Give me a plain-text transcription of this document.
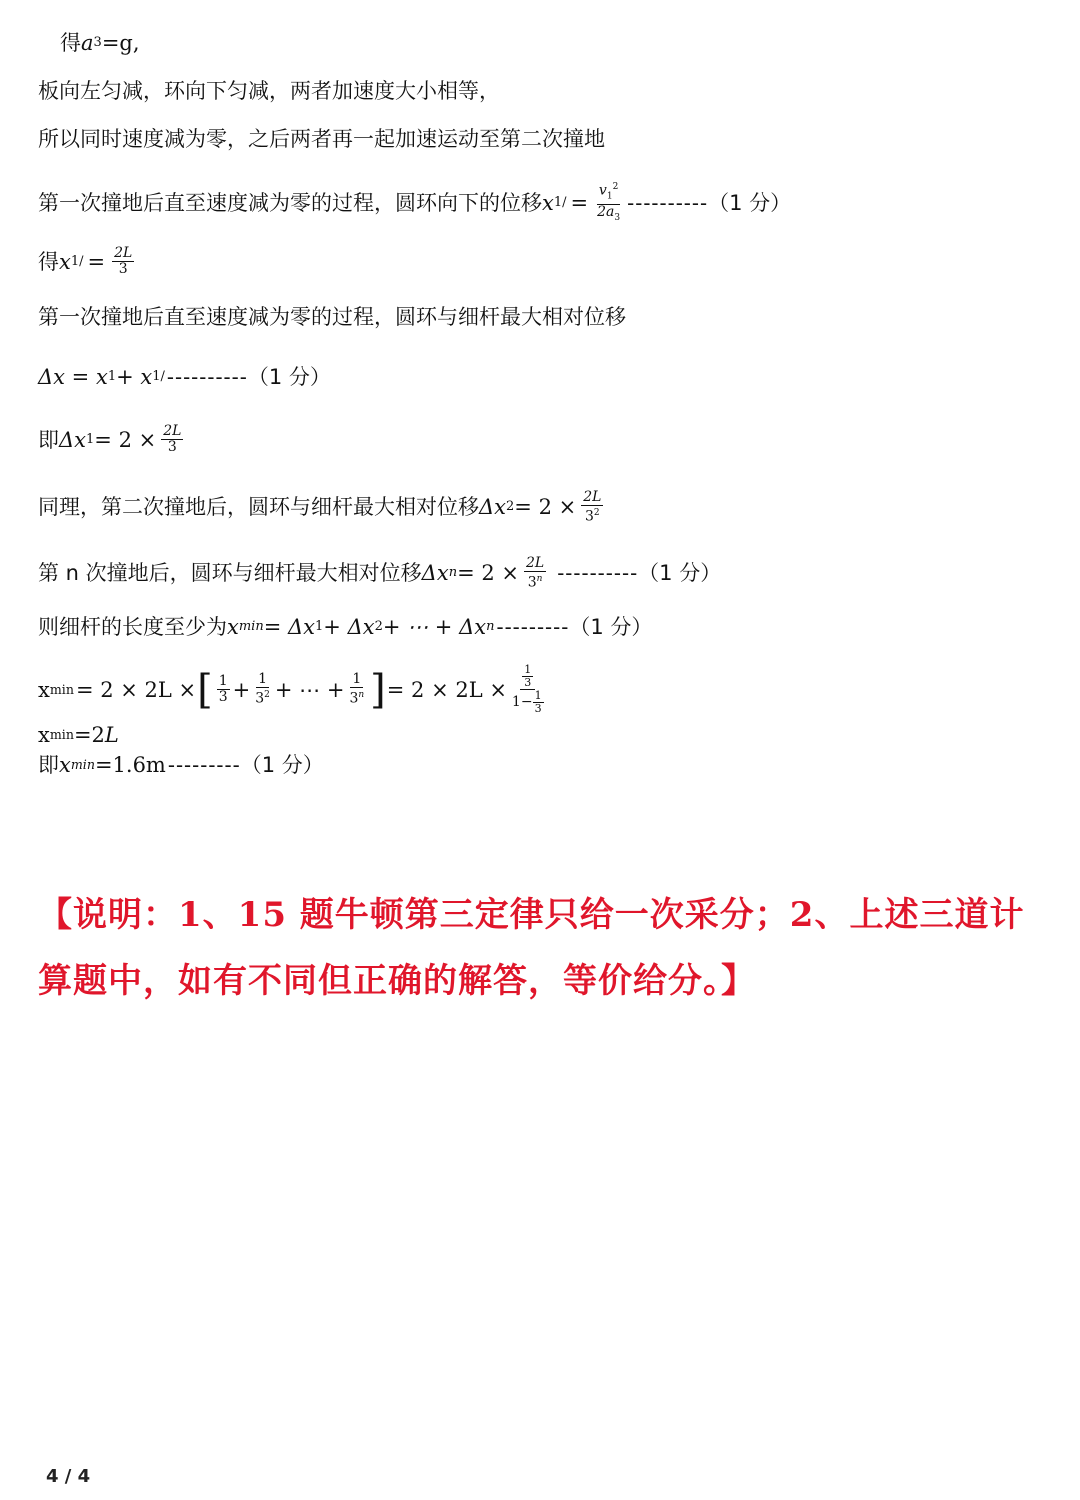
得 a 3 =g,
板向左匀减，环向下匀减，两者加速度大小相等，
所以同时速度减为零，之后两者再一起加速运动至第二次撞地
第一次撞地后直至速度减为零的过程，圆环向下的位移 x 1 / = $\frac{v_1^2}{2a_3}$ ---------- （1 分）
得 x 1 / = $\frac{2L}{3}$
第一次撞地后直至速度减为零的过程，圆环与细杆最大相对位移
Δx = x 1 + x 1 / ---------- （1 分）
即 Δx $1 = 2 \times \frac{2L}{3}$
同理，第二次撞地后，圆环与细杆最大相对位移 Δx $2 = 2 \times \frac{2L}{3^2}$
第 n 次撞地后，圆环与细杆最大相对位移 Δx $n = 2 \times \frac{2L}{3^n}$ ---------- （1 分）
则细杆的长度至少为 x min = Δx 1 + Δx 2 + ⋯ + Δx n --------- （1 分）
x min = 2 × 2L × [ $\frac{1}{3} + \frac{1}{3^2}$ + ⋯ + $\frac{1}{3^n}$ ] = $2 \times 2L \times \frac{\frac{1}{3}}{1- \frac{1}{3}}$
x min =2 L
即 x min =1.6m --------- （1 分）
【说明：1、15 题牛顿第三定律只给一次采分；2、上述三道计算题中，如有不同但正确的解答，等价给分。】
4 / 4
